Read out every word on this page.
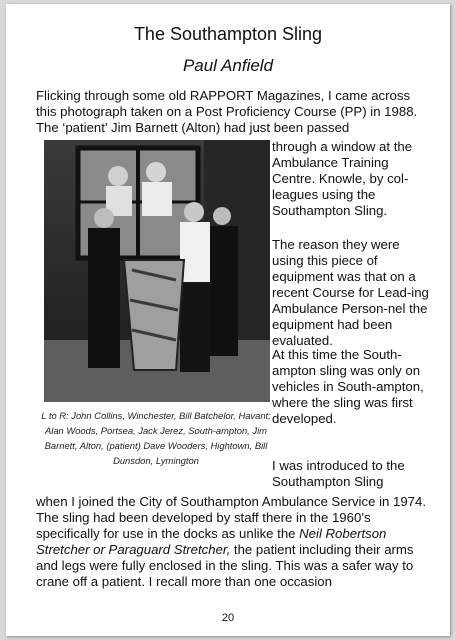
The Southampton Sling
Paul Anfield

Flicking through some old RAPPORT Magazines, I came across this photograph taken on a Post Proficiency Course (PP) in 1988. The ‘patient’ Jim Barnett (Alton) had just been passed

L to R: John Collins, Winchester, Bill Batchelor, Havant; Alan Woods, Portsea, Jack Jerez, South-ampton, Jim Barnett, Alton, (patient) Dave Wooders, Hightown, Bill Dunsdon, Lymington

through a window at the Ambulance Training Centre. Knowle, by col-leagues using the Southampton Sling.

The reason they were using this piece of equipment was that on a recent Course for Lead-ing Ambulance Person-nel the equipment had been evaluated.

At this time the South-ampton sling was only on vehicles in South-ampton, where the sling was first developed.

I was introduced to the Southampton Sling

when I joined the City of Southampton Ambulance Service in 1974. The sling had been developed by staff there in the 1960’s specifically for use in the docks as unlike the Neil Robertson Stretcher or Paraguard Stretcher, the patient including their arms and legs were fully enclosed in the sling. This was a safer way to crane off a patient. I recall more than one occasion

20
